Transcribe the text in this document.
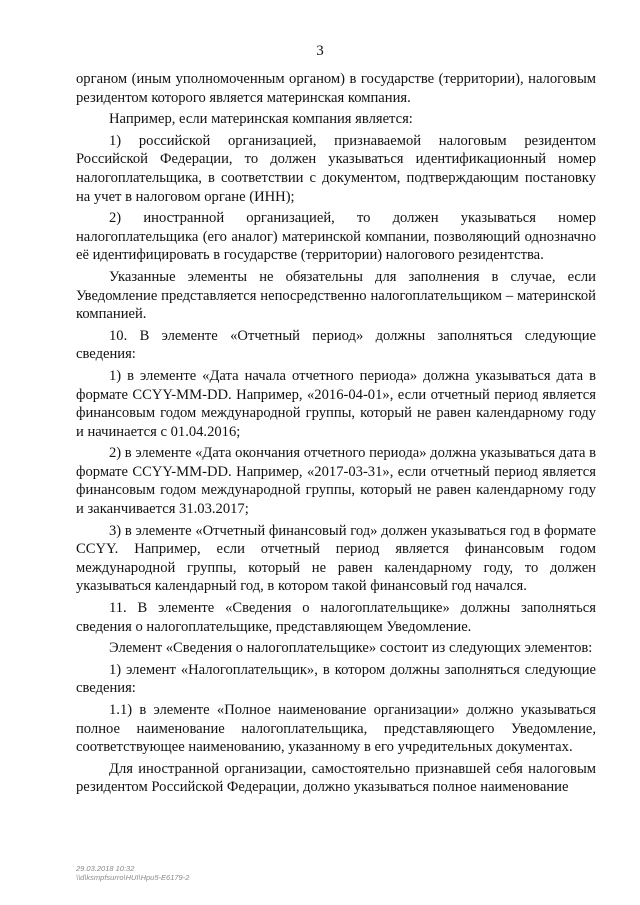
3

органом (иным уполномоченным органом) в государстве (территории), налоговым резидентом которого является материнская компания.

Например, если материнская компания является:

1) российской организацией, признаваемой налоговым резидентом Российской Федерации, то должен указываться идентификационный номер налогоплательщика, в соответствии с документом, подтверждающим постановку на учет в налоговом органе (ИНН);

2) иностранной организацией, то должен указываться номер налогоплательщика (его аналог) материнской компании, позволяющий однозначно её идентифицировать в государстве (территории) налогового резидентства.

Указанные элементы не обязательны для заполнения в случае, если Уведомление представляется непосредственно налогоплательщиком – материнской компанией.

10. В элементе «Отчетный период» должны заполняться следующие сведения:

1) в элементе «Дата начала отчетного периода» должна указываться дата в формате CCYY-MM-DD. Например, «2016-04-01», если отчетный период является финансовым годом международной группы, который не равен календарному году и начинается с 01.04.2016;

2) в элементе «Дата окончания отчетного периода» должна указываться дата в формате CCYY-MM-DD. Например, «2017-03-31», если отчетный период является финансовым годом международной группы, который не равен календарному году и заканчивается 31.03.2017;

3) в элементе «Отчетный финансовый год» должен указываться год в формате CCYY. Например, если отчетный период является финансовым годом международной группы, который не равен календарному году, то должен указываться календарный год, в котором такой финансовый год начался.

11. В элементе «Сведения о налогоплательщике» должны заполняться сведения о налогоплательщике, представляющем Уведомление.

Элемент «Сведения о налогоплательщике» состоит из следующих элементов:

1) элемент «Налогоплательщик», в котором должны заполняться следующие сведения:

1.1) в элементе «Полное наименование организации» должно указываться полное наименование налогоплательщика, представляющего Уведомление, соответствующее наименованию, указанному в его учредительных документах.

Для иностранной организации, самостоятельно признавшей себя налоговым резидентом Российской Федерации, должно указываться полное наименование

29.03.2018 10:32
\\d\ksmpfsurro\HUI\Hpu5-E6179-2
